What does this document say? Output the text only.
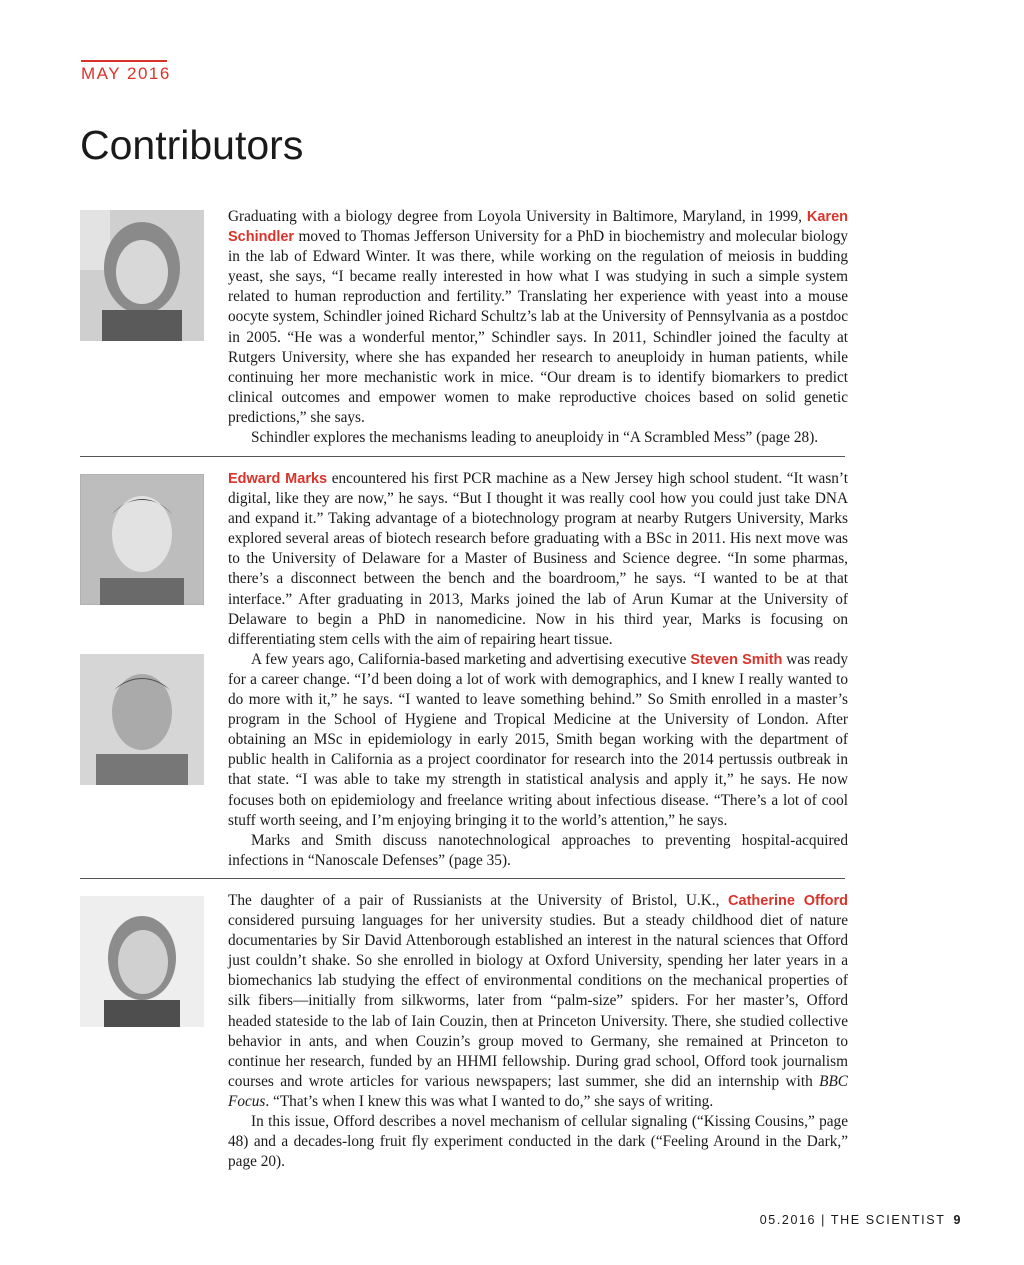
MAY 2016
Contributors

Graduating with a biology degree from Loyola University in Baltimore, Maryland, in 1999, Karen Schindler moved to Thomas Jefferson University for a PhD in biochemistry and molecular biology in the lab of Edward Winter. It was there, while working on the regulation of meiosis in budding yeast, she says, “I became really interested in how what I was studying in such a simple system related to human reproduction and fertility.” Translating her experience with yeast into a mouse oocyte system, Schindler joined Richard Schultz’s lab at the University of Pennsylvania as a postdoc in 2005. “He was a wonderful mentor,” Schindler says. In 2011, Schindler joined the faculty at Rutgers University, where she has expanded her research to aneuploidy in human patients, while continuing her more mechanistic work in mice. “Our dream is to identify biomarkers to predict clinical outcomes and empower women to make reproductive choices based on solid genetic predictions,” she says.

Schindler explores the mechanisms leading to aneuploidy in “A Scrambled Mess” (page 28).

Edward Marks encountered his first PCR machine as a New Jersey high school student. “It wasn’t digital, like they are now,” he says. “But I thought it was really cool how you could just take DNA and expand it.” Taking advantage of a biotechnology program at nearby Rutgers University, Marks explored several areas of biotech research before graduating with a BSc in 2011. His next move was to the University of Delaware for a Master of Business and Science degree. “In some pharmas, there’s a disconnect between the bench and the boardroom,” he says. “I wanted to be at that interface.” After graduating in 2013, Marks joined the lab of Arun Kumar at the University of Delaware to begin a PhD in nanomedicine. Now in his third year, Marks is focusing on differentiating stem cells with the aim of repairing heart tissue.

A few years ago, California-based marketing and advertising executive Steven Smith was ready for a career change. “I’d been doing a lot of work with demographics, and I knew I really wanted to do more with it,” he says. “I wanted to leave something behind.” So Smith enrolled in a master’s program in the School of Hygiene and Tropical Medicine at the University of London. After obtaining an MSc in epidemiology in early 2015, Smith began working with the department of public health in California as a project coordinator for research into the 2014 pertussis outbreak in that state. “I was able to take my strength in statistical analysis and apply it,” he says. He now focuses both on epidemiology and freelance writing about infectious disease. “There’s a lot of cool stuff worth seeing, and I’m enjoying bringing it to the world’s attention,” he says.

Marks and Smith discuss nanotechnological approaches to preventing hospital-acquired infections in “Nanoscale Defenses” (page 35).

The daughter of a pair of Russianists at the University of Bristol, U.K., Catherine Offord considered pursuing languages for her university studies. But a steady childhood diet of nature documentaries by Sir David Attenborough established an interest in the natural sciences that Offord just couldn’t shake. So she enrolled in biology at Oxford University, spending her later years in a biomechanics lab studying the effect of environmental conditions on the mechanical properties of silk fibers—initially from silkworms, later from “palm-size” spiders. For her master’s, Offord headed stateside to the lab of Iain Couzin, then at Princeton University. There, she studied collective behavior in ants, and when Couzin’s group moved to Germany, she remained at Princeton to continue her research, funded by an HHMI fellowship. During grad school, Offord took journalism courses and wrote articles for various newspapers; last summer, she did an internship with BBC Focus. “That’s when I knew this was what I wanted to do,” she says of writing.

In this issue, Offord describes a novel mechanism of cellular signaling (“Kissing Cousins,” page 48) and a decades-long fruit fly experiment conducted in the dark (“Feeling Around in the Dark,” page 20).

05.2016 | THE SCIENTIST 9
